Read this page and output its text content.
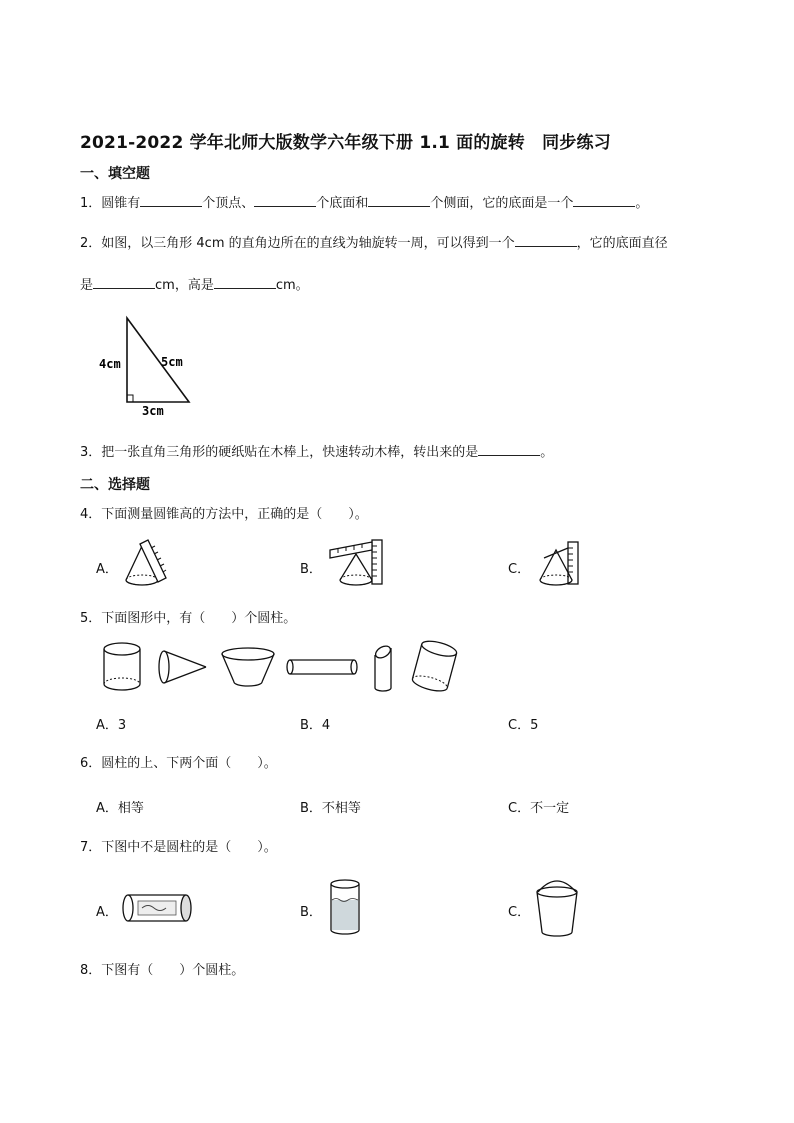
2021-2022 学年北师大版数学六年级下册 1.1 面的旋转　同步练习
一、填空题
1．圆锥有	个顶点、	个底面和	个侧面，它的底面是一个	。
2．如图，以三角形 4cm 的直角边所在的直线为轴旋转一周，可以得到一个	，它的底面直径
是	cm，高是	cm。
4cm	5cm
3cm
3．把一张直角三角形的硬纸贴在木棒上，快速转动木棒，转出来的是	。
二、选择题
4．下面测量圆锥高的方法中，正确的是（　　）。
A．	B．	C．
5．下面图形中，有（　　）个圆柱。
A．3	B．4	C．5
6．圆柱的上、下两个面（　　）。
A．相等	B．不相等	C．不一定
7．下图中不是圆柱的是（　　）。
A．	B．	C．
8．下图有（　　）个圆柱。
